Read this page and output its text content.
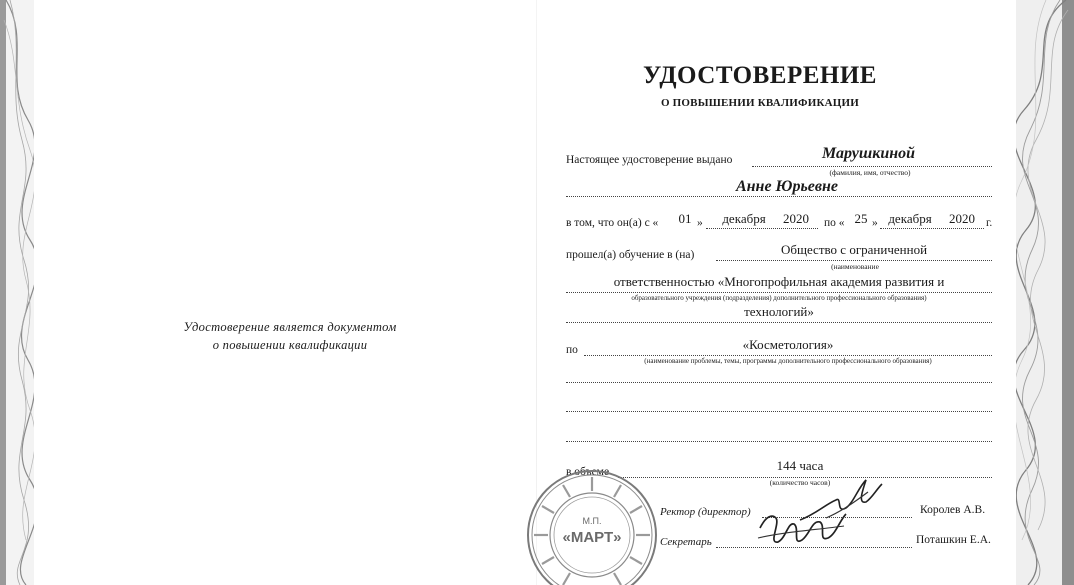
Удостоверение является документом
о повышении квалификации
УДОСТОВЕРЕНИЕ
О ПОВЫШЕНИИ КВАЛИФИКАЦИИ
Настоящее удостоверение выдано	Марушкиной
(фамилия, имя, отчество)
Анне Юрьевне
в том, что он(а) с « 01 »	декабря	2020	по « 25 » декабря	2020 г.
прошел(а) обучение в (на)	Общество с ограниченной
(наименование
ответственностью «Многопрофильная академия развития и
образовательного учреждения (подразделения) дополнительного профессионального образования)
технологий»
по	«Косметология»
(наименование проблемы, темы, программы дополнительного профессионального образования)
в объеме	144 часа
(количество часов)
Ректор (директор)	Королев А.В.
Секретарь	Поташкин Е.А.
М.П.
«МАРТ»
